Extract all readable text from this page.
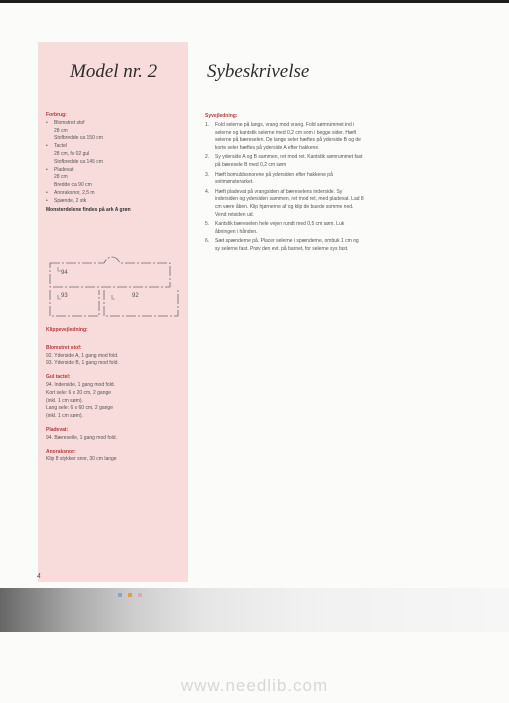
Model nr. 2	Sybeskrivelse
Forbrug:
• Blomstret stof
28 cm
Stofbredde ca 150 cm
• Tactel
28 cm, fv 02 gul
Stofbredde ca 145 cm
• Pladevat
28 cm
Bredde ca 90 cm
• Anoraksnor, 2,5 m
• Spænde, 2 stk
Monsterdelene findes på ark A grøn
94
93	92
Klippevejledning:
Blomstret stof:
92. Yderside A, 1 gang mod fold.
93. Yderside B, 1 gang mod fold.
Gul tactel:
94. Inderside, 1 gang mod fold.
Kort sele: 6 x 20 cm, 2 gange
(inkl. 1 cm søm).
Lang sele: 6 x 60 cm, 2 gange
(inkl. 1 cm søm).
Pladevat:
94. Bæreselle, 1 gang mod fold.
Anoraksnor:
Klip 8 stykker snor, 30 cm lange
Syvejledning:
1.	Fold selerne på langs, vrang mod vrang. Fold sømrummet ind i selerne og kantstik selerne med 0,2 cm som i begge sider. Hæft selerne på bæreselen. De lange seler hæftes på yderside B og de korte seler hæftes på yderside A efter hakkene.
2.	Sy yderside A og B sammen, ret mod ret. Kantstik sømrummet fast på bæresele B med 0,2 cm søm
3.	Hæft bomuldssnorene på ydersiden efter hakkene på snitmønsterarket.
4.	Hæft pladevat på vrangsiden af bæreselens inderside. Sy indersiden og ydersiden sammen, ret mod ret, med pladevat. Lad 8 cm være åben. Klip hjørnerne af og klip de buede somme ned. Vend retsiden ud.
5.	Kantstik bæreselen hele vejen rundt med 0,5 cm søm. Luk åbningen i hånden.
6.	Sæt spænderne på. Placer selerne i spænderne, ombuk 1 cm og sy selerne fast. Prøv den evt. på barnet, for selerne sys fast.
4
www.needlib.com
